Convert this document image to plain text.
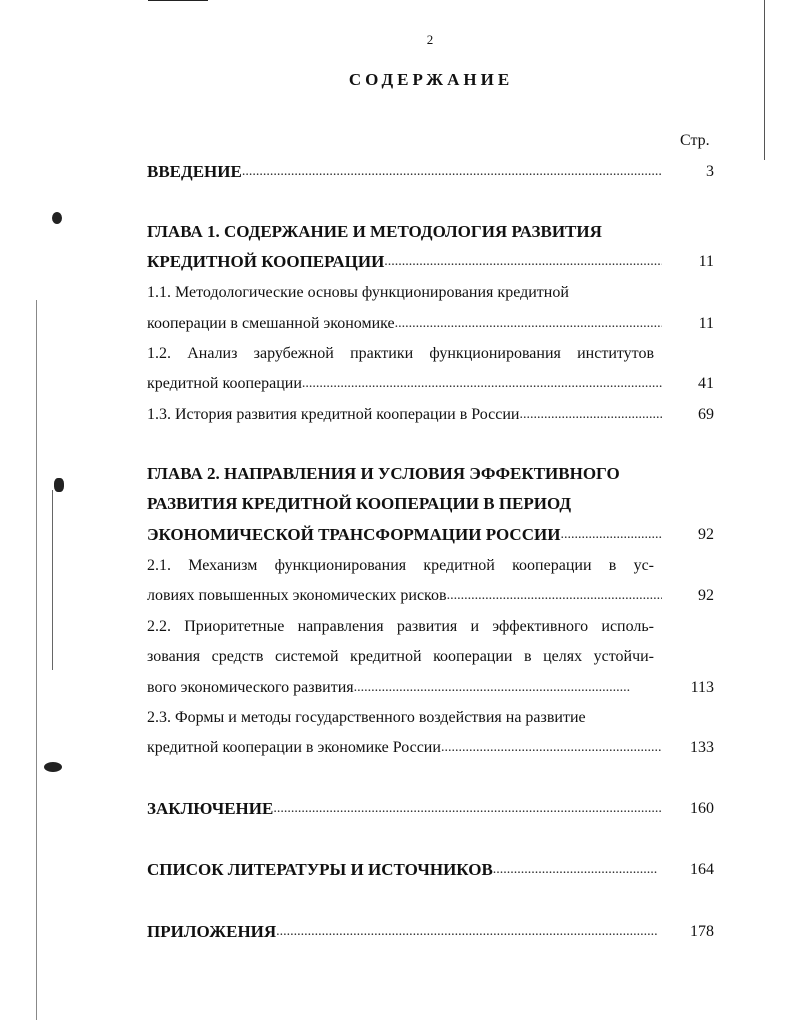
2
СОДЕРЖАНИЕ
Стр.
ВВЕДЕНИЕ .....	3
ГЛАВА 1. СОДЕРЖАНИЕ И МЕТОДОЛОГИЯ РАЗВИТИЯ
КРЕДИТНОЙ КООПЕРАЦИИ .....	11
1.1. Методологические основы функционирования кредитной
кооперации в смешанной экономике .....	11
1.2. Анализ зарубежной практики функционирования институтов
кредитной кооперации .....	41
1.3. История развития кредитной кооперации в России .....	69
ГЛАВА 2. НАПРАВЛЕНИЯ И УСЛОВИЯ ЭФФЕКТИВНОГО
РАЗВИТИЯ КРЕДИТНОЙ КООПЕРАЦИИ В ПЕРИОД
ЭКОНОМИЧЕСКОЙ ТРАНСФОРМАЦИИ РОССИИ .....	92
2.1. Механизм функционирования кредитной кооперации в ус-
ловиях повышенных экономических рисков .....	92
2.2. Приоритетные направления развития и эффективного исполь-
зования средств системой кредитной кооперации в целях устойчи-
вого экономического развития .....	113
2.3. Формы и методы государственного воздействия на развитие
кредитной кооперации в экономике России .....	133
ЗАКЛЮЧЕНИЕ .....	160
СПИСОК ЛИТЕРАТУРЫ И ИСТОЧНИКОВ .....	164
ПРИЛОЖЕНИЯ .....	178
